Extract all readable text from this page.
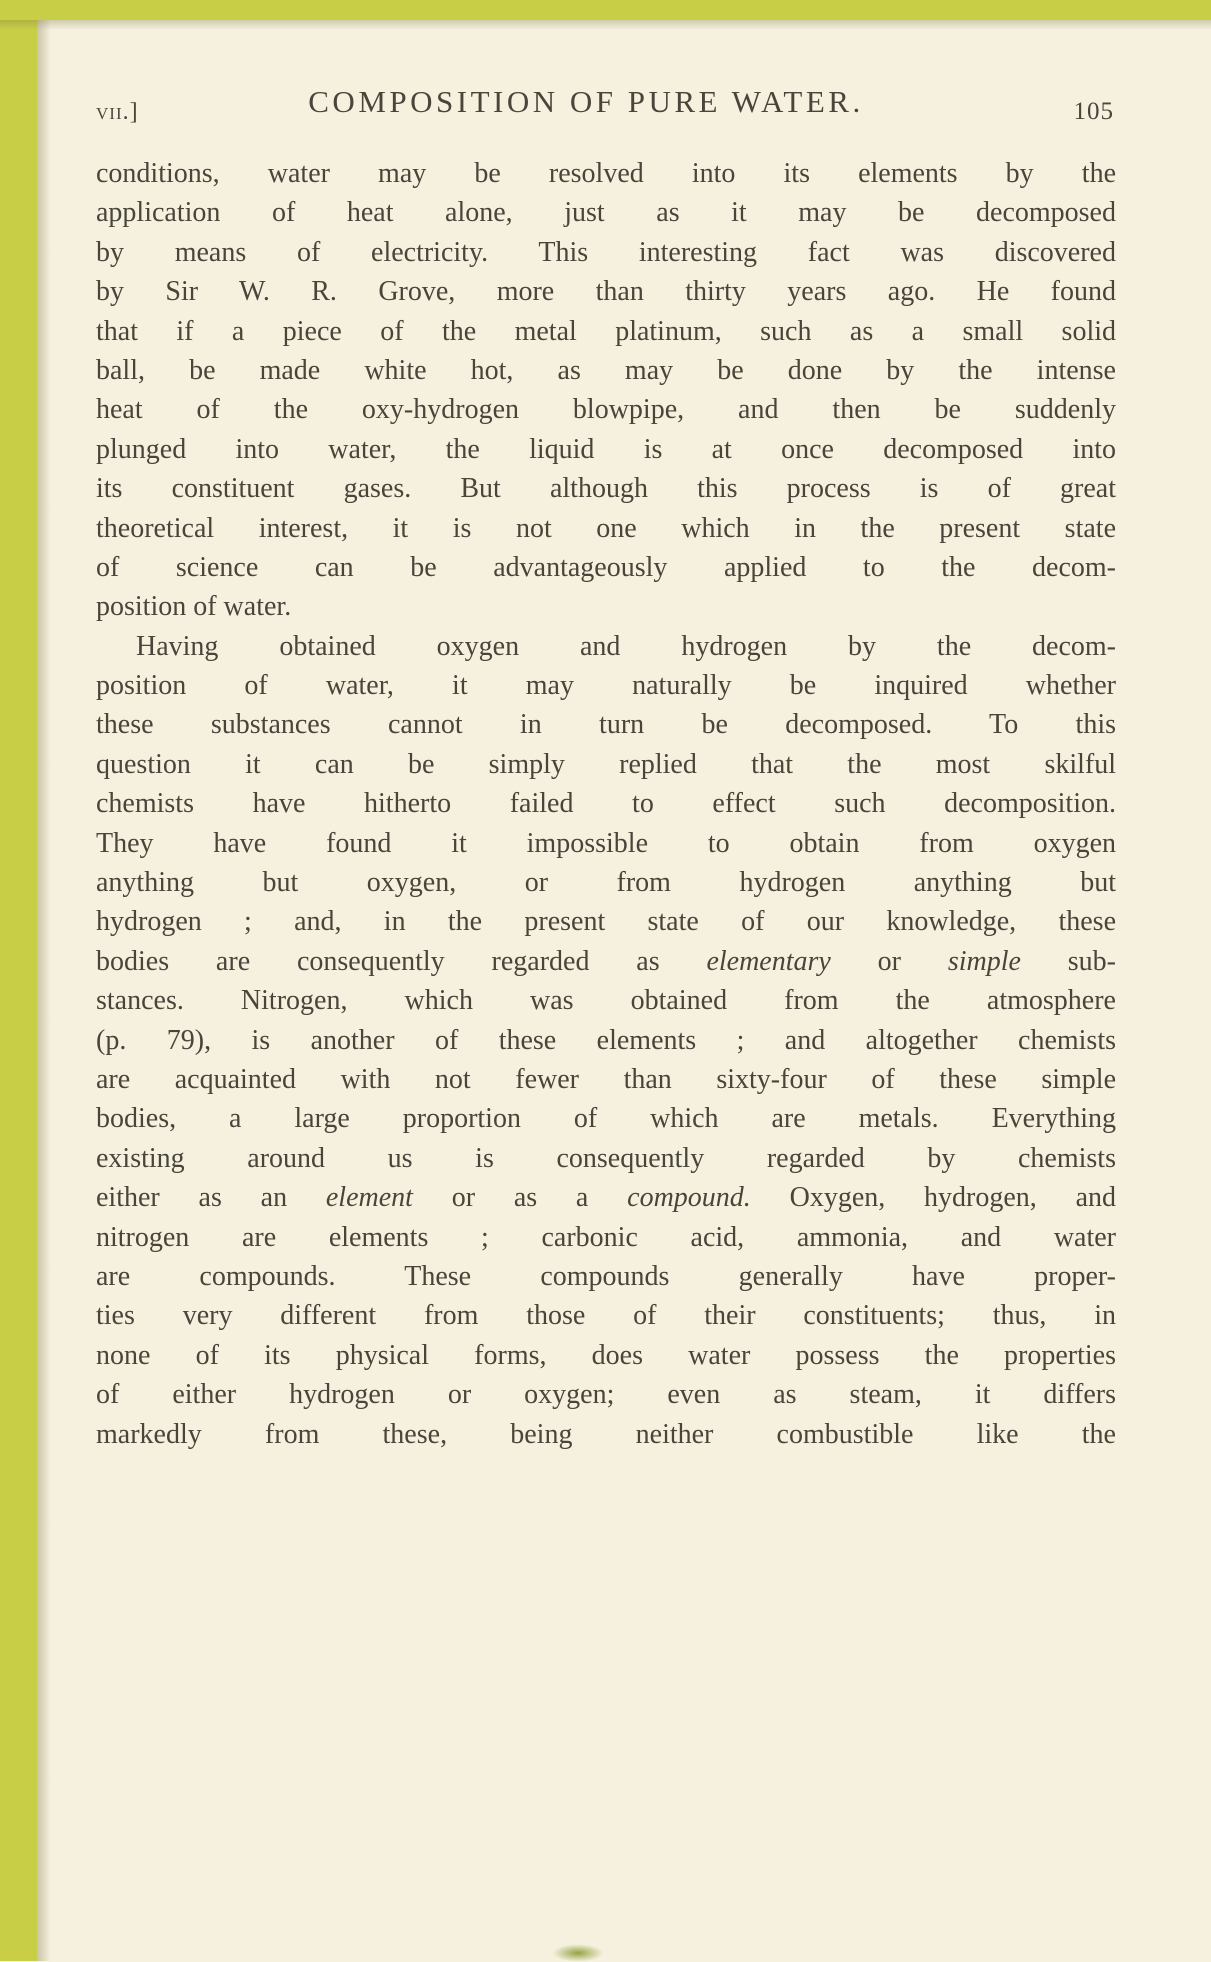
vii.]	COMPOSITION OF PURE WATER.	105
conditions, water may be resolved into its elements by the
application of heat alone, just as it may be decomposed
by means of electricity. This interesting fact was discovered
by Sir W. R. Grove, more than thirty years ago. He found
that if a piece of the metal platinum, such as a small solid
ball, be made white hot, as may be done by the intense
heat of the oxy-hydrogen blowpipe, and then be suddenly
plunged into water, the liquid is at once decomposed into
its constituent gases. But although this process is of great
theoretical interest, it is not one which in the present state
of science can be advantageously applied to the decom-
position of water.
Having obtained oxygen and hydrogen by the decom-
position of water, it may naturally be inquired whether
these substances cannot in turn be decomposed. To this
question it can be simply replied that the most skilful
chemists have hitherto failed to effect such decomposition.
They have found it impossible to obtain from oxygen
anything but oxygen, or from hydrogen anything but
hydrogen ; and, in the present state of our knowledge, these
bodies are consequently regarded as elementary or simple sub-
stances. Nitrogen, which was obtained from the atmosphere
(p. 79), is another of these elements ; and altogether chemists
are acquainted with not fewer than sixty-four of these simple
bodies, a large proportion of which are metals. Everything
existing around us is consequently regarded by chemists
either as an element or as a compound. Oxygen, hydrogen, and
nitrogen are elements ; carbonic acid, ammonia, and water
are compounds. These compounds generally have proper-
ties very different from those of their constituents; thus, in
none of its physical forms, does water possess the properties
of either hydrogen or oxygen; even as steam, it differs
markedly from these, being neither combustible like the
